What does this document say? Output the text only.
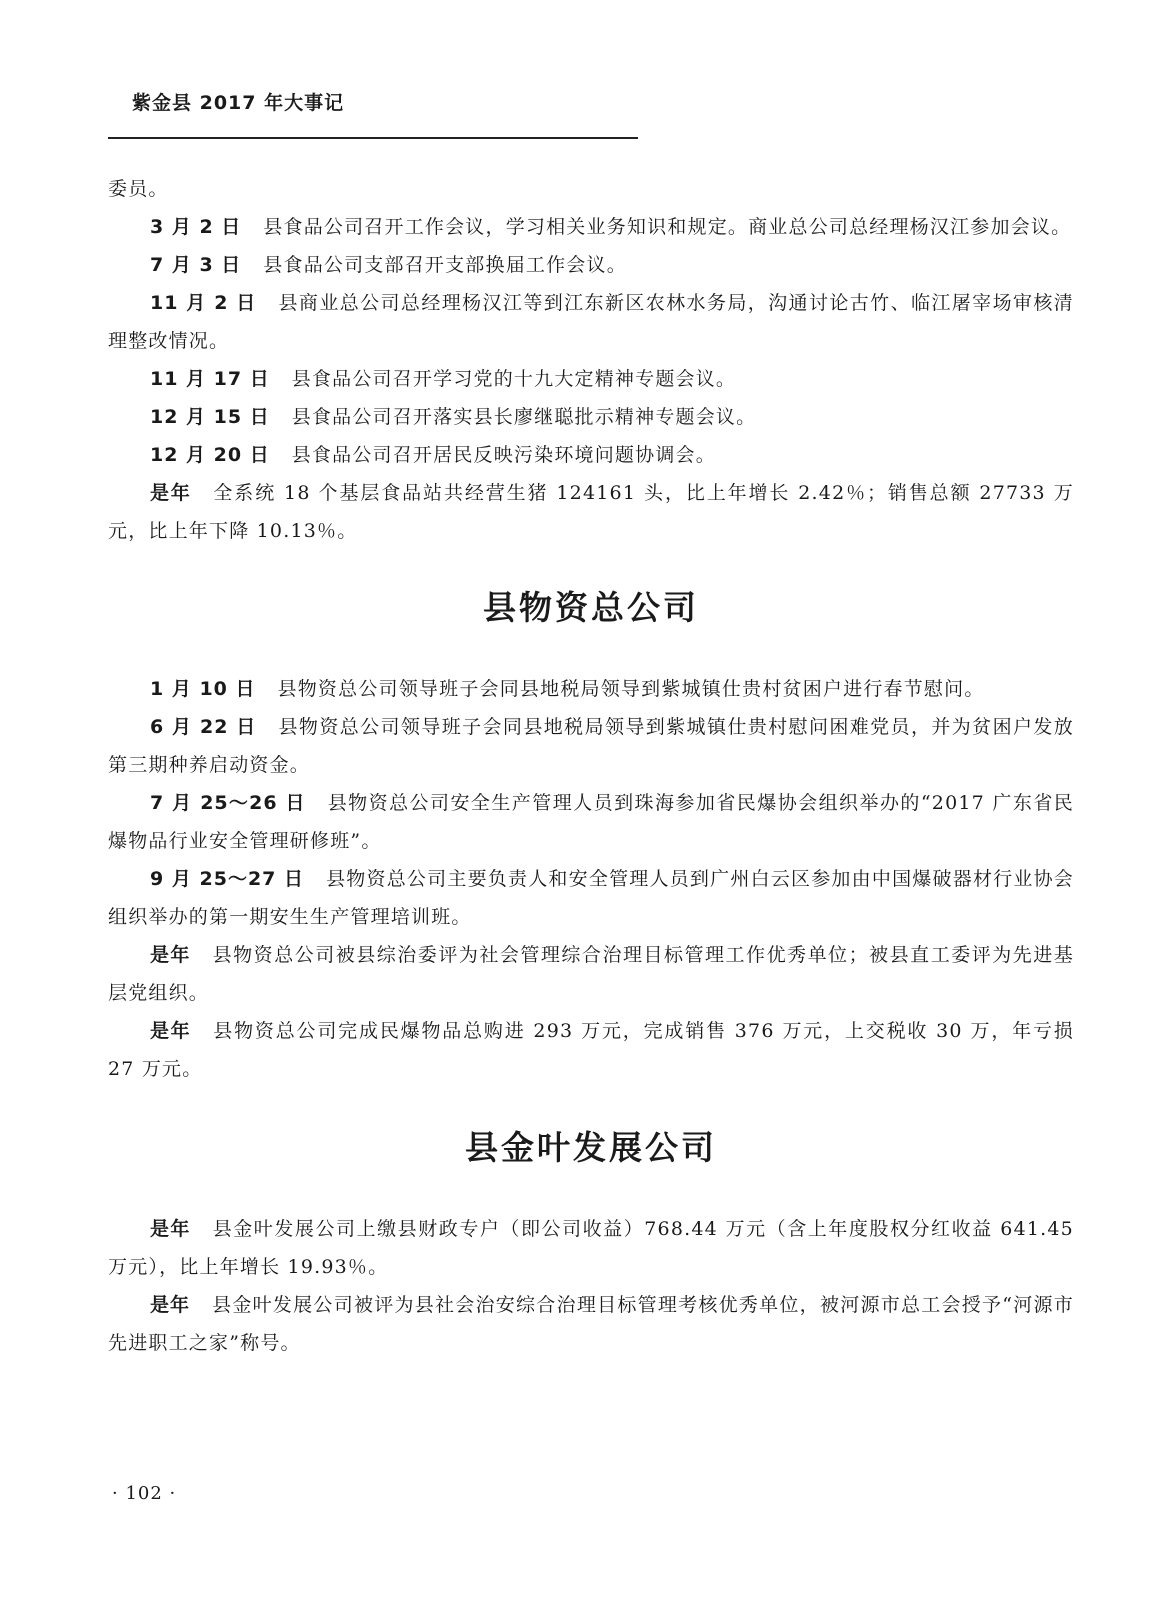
紫金县 2017 年大事记

委员。

3 月 2 日 县食品公司召开工作会议，学习相关业务知识和规定。商业总公司总经理杨汉江参加会议。

7 月 3 日 县食品公司支部召开支部换届工作会议。

11 月 2 日 县商业总公司总经理杨汉江等到江东新区农林水务局，沟通讨论古竹、临江屠宰场审核清理整改情况。

11 月 17 日 县食品公司召开学习党的十九大定精神专题会议。

12 月 15 日 县食品公司召开落实县长廖继聪批示精神专题会议。

12 月 20 日 县食品公司召开居民反映污染环境问题协调会。

是年 全系统 18 个基层食品站共经营生猪 124161 头，比上年增长 2.42％；销售总额 27733 万元，比上年下降 10.13％。

县物资总公司

1 月 10 日 县物资总公司领导班子会同县地税局领导到紫城镇仕贵村贫困户进行春节慰问。

6 月 22 日 县物资总公司领导班子会同县地税局领导到紫城镇仕贵村慰问困难党员，并为贫困户发放第三期种养启动资金。

7 月 25～26 日 县物资总公司安全生产管理人员到珠海参加省民爆协会组织举办的“2017 广东省民爆物品行业安全管理研修班”。

9 月 25～27 日 县物资总公司主要负责人和安全管理人员到广州白云区参加由中国爆破器材行业协会组织举办的第一期安生生产管理培训班。

是年 县物资总公司被县综治委评为社会管理综合治理目标管理工作优秀单位；被县直工委评为先进基层党组织。

是年 县物资总公司完成民爆物品总购进 293 万元，完成销售 376 万元，上交税收 30 万，年亏损 27 万元。

县金叶发展公司

是年 县金叶发展公司上缴县财政专户（即公司收益）768.44 万元（含上年度股权分红收益 641.45 万元），比上年增长 19.93％。

是年 县金叶发展公司被评为县社会治安综合治理目标管理考核优秀单位，被河源市总工会授予“河源市先进职工之家”称号。

· 102 ·
